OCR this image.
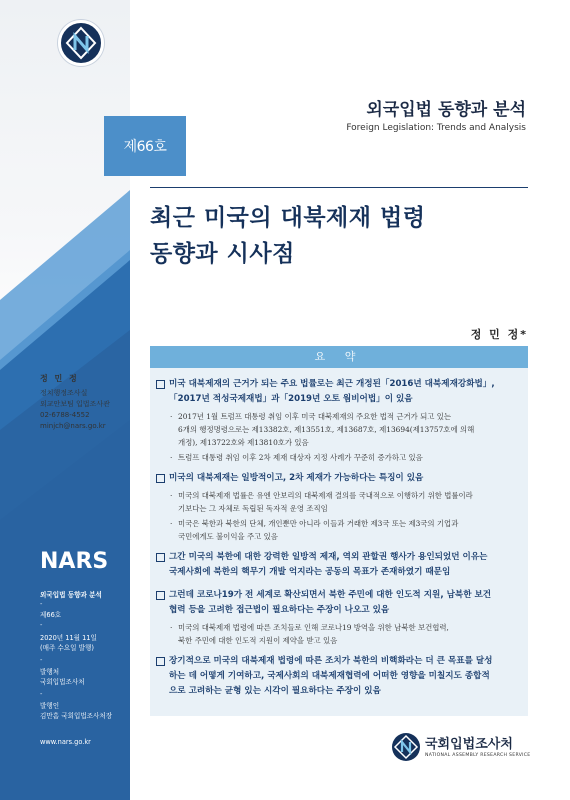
제66호
외국입법 동향과 분석
Foreign Legislation: Trends and Analysis
최근 미국의 대북제재 법령
동향과 시사점
정 민 정*
요 약
미국 대북제재의 근거가 되는 주요 법률로는 최근 개정된「2016년 대북제재강화법」,
「2017년 적성국제재법」과「2019년 오토 웜비어법」이 있음
· 2017년 1월 트럼프 대통령 취임 이후 미국 대북제재의 주요한 법적 근거가 되고 있는
6개의 행정명령으로는 제13382호, 제13551호, 제13687호, 제13694(제13757호에 의해
개정), 제13722호와 제13810호가 있음
· 트럼프 대통령 취임 이후 2차 제재 대상자 지정 사례가 꾸준히 증가하고 있음
미국의 대북제재는 일방적이고, 2차 제재가 가능하다는 특징이 있음
· 미국의 대북제재 법률은 유엔 안보리의 대북제재 결의를 국내적으로 이행하기 위한 법률이라
기보다는 그 자체로 독립된 독자적 운영 조직임
· 미국은 북한과 북한의 단체, 개인뿐만 아니라 이들과 거래한 제3국 또는 제3국의 기업과
국민에게도 불이익을 주고 있음
그간 미국의 북한에 대한 강력한 일방적 제재, 역외 관할권 행사가 용인되었던 이유는
국제사회에 북한의 핵무기 개발 억지라는 공동의 목표가 존재하였기 때문임
그런데 코로나19가 전 세계로 확산되면서 북한 주민에 대한 인도적 지원, 남북한 보건
협력 등을 고려한 접근법이 필요하다는 주장이 나오고 있음
· 미국의 대북제재 법령에 따른 조치들로 인해 코로나19 방역을 위한 남북한 보건협력,
북한 주민에 대한 인도적 지원이 제약을 받고 있음
장기적으로 미국의 대북제재 법령에 따른 조치가 북한의 비핵화라는 더 큰 목표를 달성
하는 데 어떻게 기여하고, 국제사회의 대북제재협력에 어떠한 영향을 미칠지도 종합적
으로 고려하는 균형 있는 시각이 필요하다는 주장이 있음
정 민 정
정치행정조사실
외교안보팀 입법조사관
02-6788-4552
minjch@nars.go.kr
NARS
외국입법 동향과 분석
-
제66호
-
2020년 11월 11일
(매주 수요일 발행)
-
발행처
국회입법조사처
-
발행인
김만흠 국회입법조사처장
www.nars.go.kr	국회입법조사처
NATIONAL ASSEMBLY RESEARCH SERVICE
